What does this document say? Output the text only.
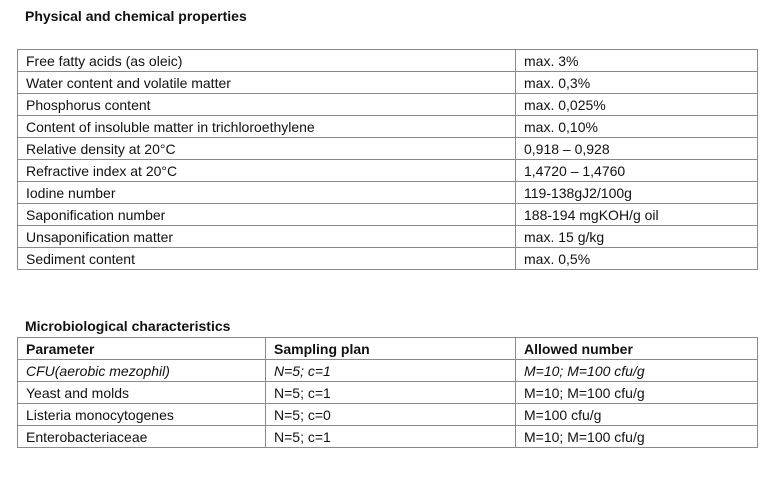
Physical and chemical properties
Free fatty acids (as oleic)	max. 3%
Water content and volatile matter	max. 0,3%
Phosphorus content	max. 0,025%
Content of insoluble matter in trichloroethylene	max. 0,10%
Relative density at 20°C	0,918 – 0,928
Refractive index at 20°C	1,4720 – 1,4760
Iodine number	119-138gJ2/100g
Saponification number	188-194 mgKOH/g oil
Unsaponification matter	max. 15 g/kg
Sediment content	max. 0,5%
Microbiological characteristics
Parameter	Sampling plan	Allowed number
CFU(aerobic mezophil)	N=5; c=1	M=10; M=100 cfu/g
Yeast and molds	N=5; c=1	M=10; M=100 cfu/g
Listeria monocytogenes	N=5; c=0	M=100 cfu/g
Enterobacteriaceae	N=5; c=1	M=10; M=100 cfu/g
